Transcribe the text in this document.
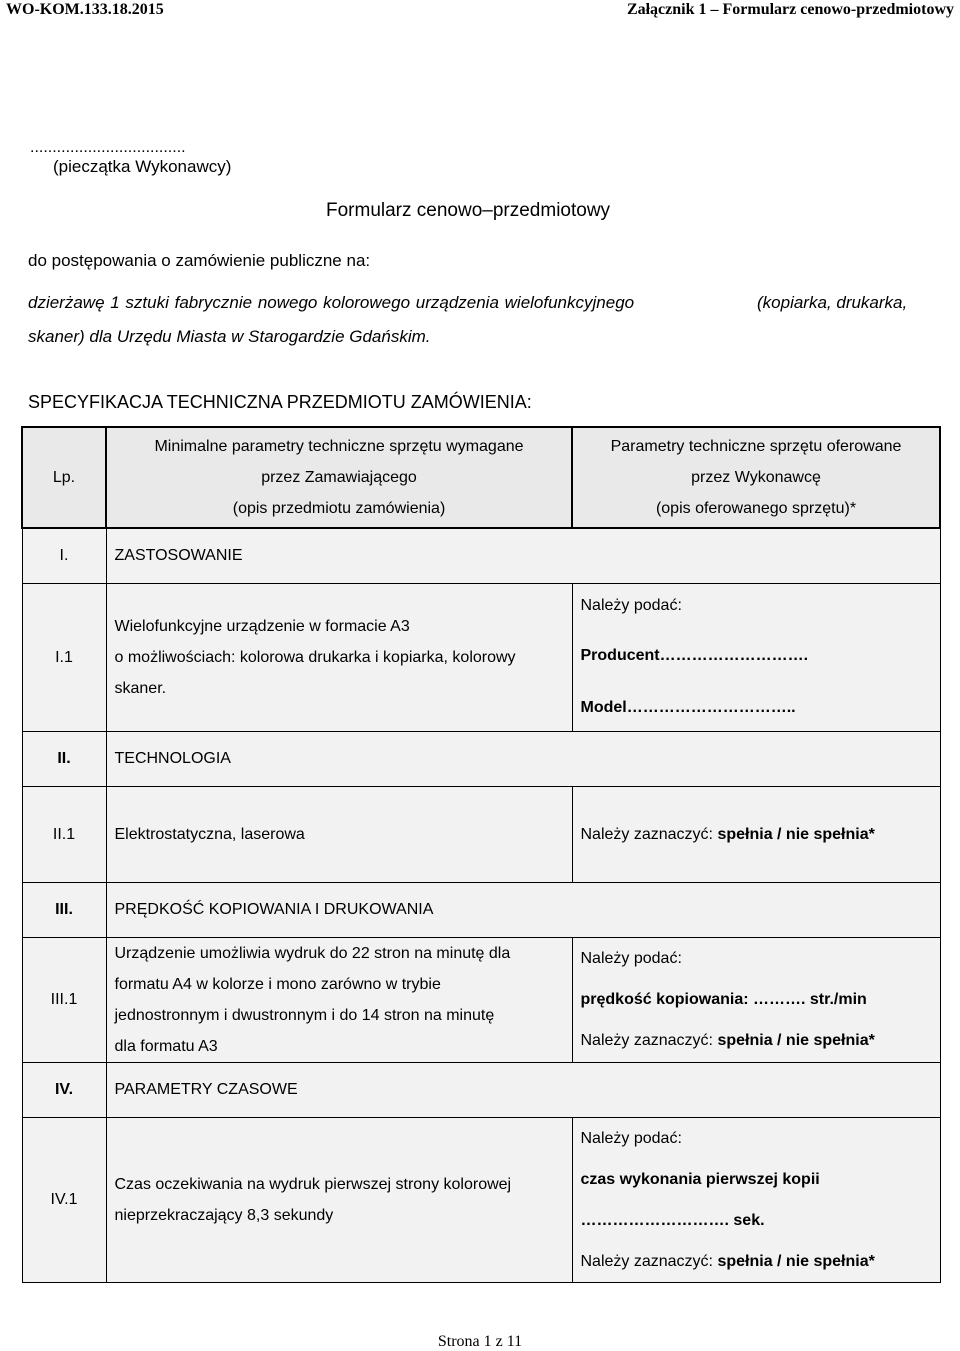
WO-KOM.133.18.2015	Załącznik 1 – Formularz cenowo-przedmiotowy
...................................
(pieczątka Wykonawcy)
Formularz cenowo–przedmiotowy
do postępowania o zamówienie publiczne na:
dzierżawę 1 sztuki fabrycznie nowego kolorowego urządzenia wielofunkcyjnego	(kopiarka, drukarka,
skaner) dla Urzędu Miasta w Starogardzie Gdańskim.
SPECYFIKACJA TECHNICZNA PRZEDMIOTU ZAMÓWIENIA:
Lp.	Minimalne parametry techniczne sprzętu wymagane
przez Zamawiającego
(opis przedmiotu zamówienia)	Parametry techniczne sprzętu oferowane
przez Wykonawcę
(opis oferowanego sprzętu)*

I.	ZASTOSOWANIE	
I.1	Wielofunkcyjne urządzenie w formacie A3
o możliwościach: kolorowa drukarka i kopiarka, kolorowy
skaner.	Należy podać:
Producent……………………….
Model…………………………..

II.	TECHNOLOGIA	
II.1	Elektrostatyczna, laserowa	Należy zaznaczyć: spełnia / nie spełnia*
III.	PRĘDKOŚĆ KOPIOWANIA I DRUKOWANIA	
III.1	Urządzenie umożliwia wydruk do 22 stron na minutę dla
formatu A4 w kolorze i mono zarówno w trybie
jednostronnym i dwustronnym i do 14 stron na minutę
dla formatu A3	Należy podać:
prędkość kopiowania: ………. str./min
Należy zaznaczyć: spełnia / nie spełnia*

IV.	PARAMETRY CZASOWE	
IV.1	Czas oczekiwania na wydruk pierwszej strony kolorowej
nieprzekraczający 8,3 sekundy	Należy podać:
czas wykonania pierwszej kopii
………………………. sek.
Należy zaznaczyć: spełnia / nie spełnia*
Strona 1 z 11
